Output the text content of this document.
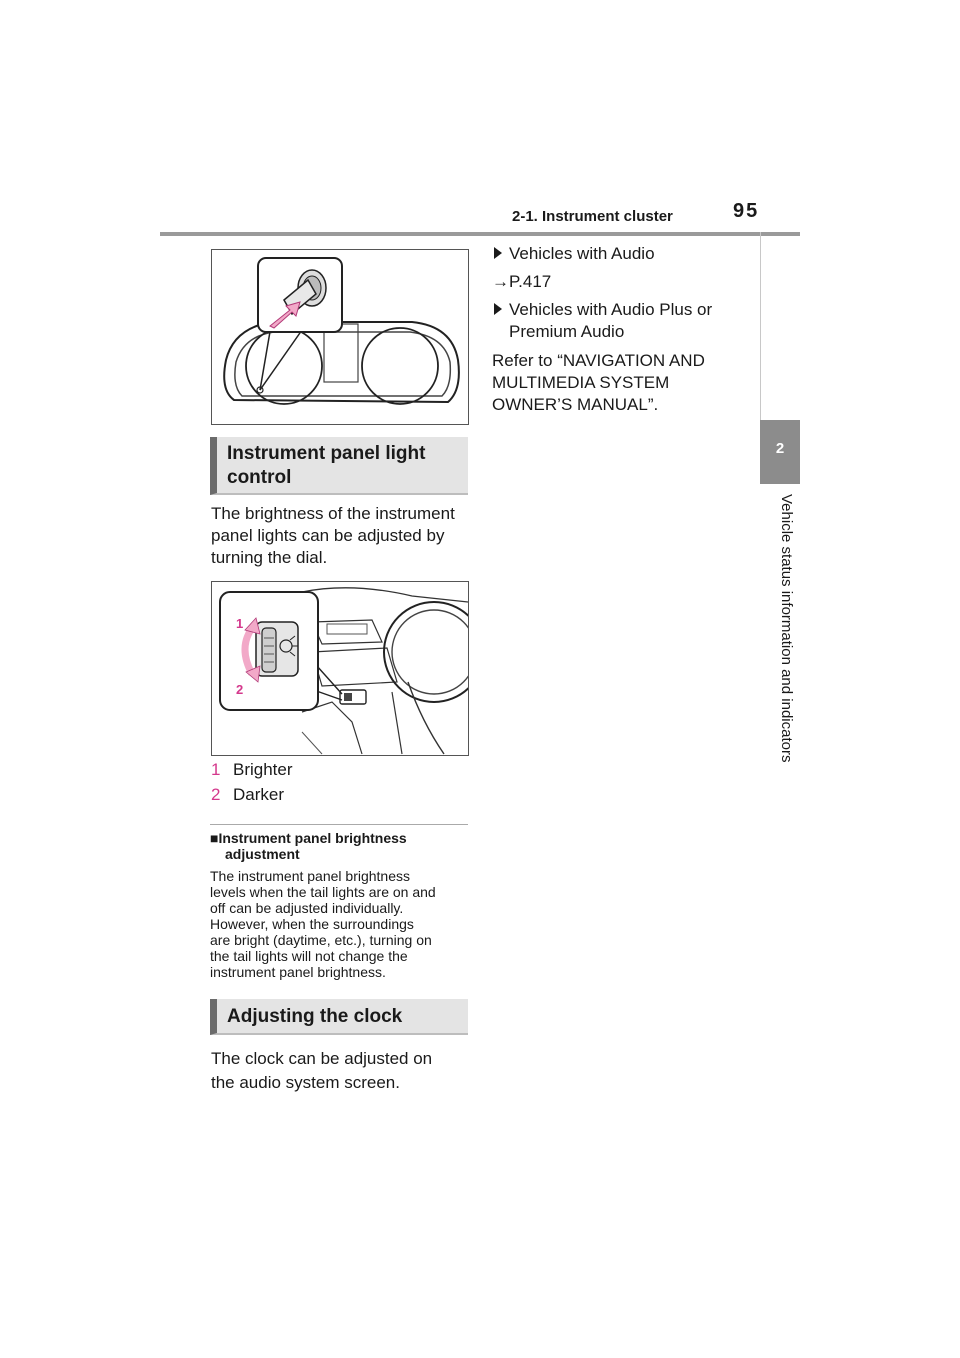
2-1. Instrument cluster	95
2
Vehicle status information and indicators
Instrument panel light
control
The brightness of the instrument
panel lights can be adjusted by
turning the dial.
1
2
1 Brighter
2 Darker
■Instrument panel brightness
adjustment
The instrument panel brightness
levels when the tail lights are on and
off can be adjusted individually.
However, when the surroundings
are bright (daytime, etc.), turning on
the tail lights will not change the
instrument panel brightness.
Adjusting the clock
The clock can be adjusted on
the audio system screen.
Vehicles with Audio
→P.417
Vehicles with Audio Plus or
Premium Audio
Refer to “NAVIGATION AND
MULTIMEDIA SYSTEM
OWNER’S MANUAL”.
